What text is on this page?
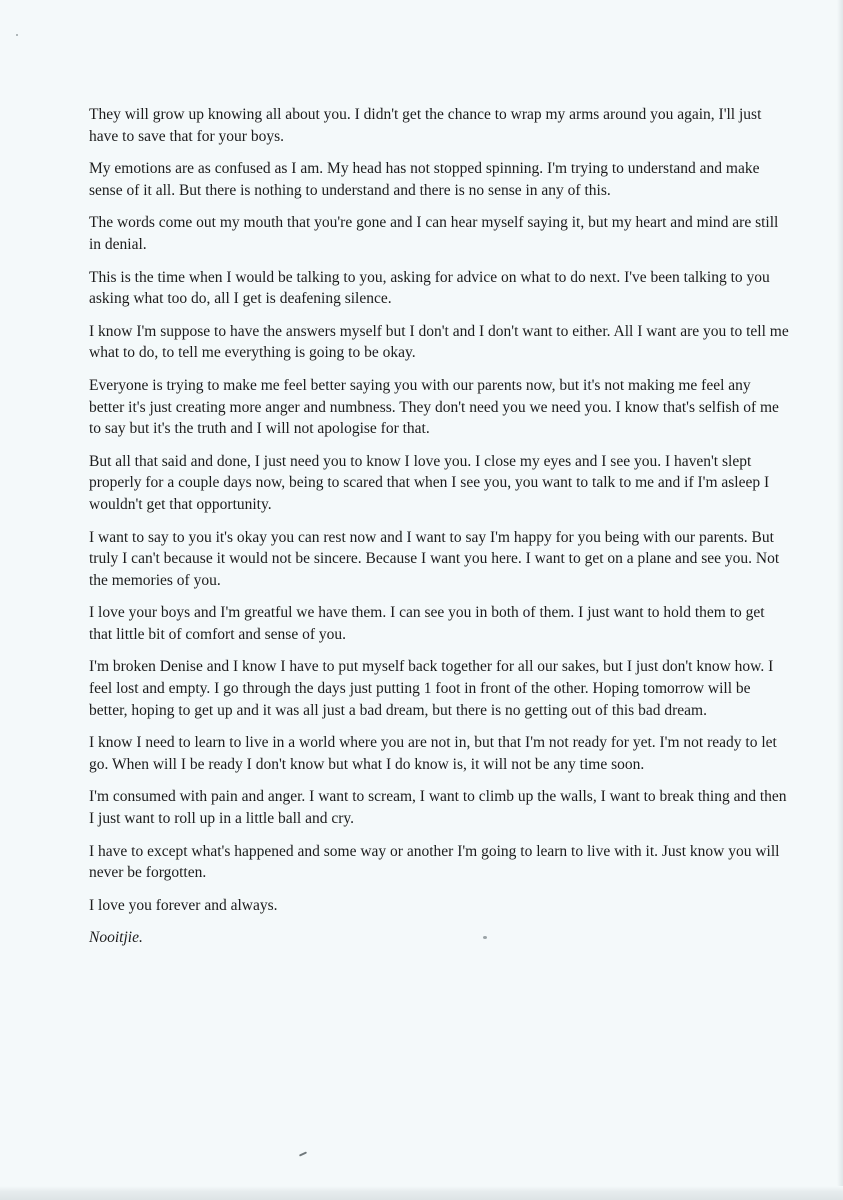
They will grow up knowing all about you. I didn't get the chance to wrap my arms around you again, I'll just have to save that for your boys.

My emotions are as confused as I am. My head has not stopped spinning. I'm trying to understand and make sense of it all. But there is nothing to understand and there is no sense in any of this.

The words come out my mouth that you're gone and I can hear myself saying it, but my heart and mind are still in denial.

This is the time when I would be talking to you, asking for advice on what to do next. I've been talking to you asking what too do, all I get is deafening silence.

I know I'm suppose to have the answers myself but I don't and I don't want to either. All I want are you to tell me what to do, to tell me everything is going to be okay.

Everyone is trying to make me feel better saying you with our parents now, but it's not making me feel any better it's just creating more anger and numbness. They don't need you we need you. I know that's selfish of me to say but it's the truth and I will not apologise for that.

But all that said and done, I just need you to know I love you. I close my eyes and I see you. I haven't slept properly for a couple days now, being to scared that when I see you, you want to talk to me and if I'm asleep I wouldn't get that opportunity.

I want to say to you it's okay you can rest now and I want to say I'm happy for you being with our parents. But truly I can't because it would not be sincere. Because I want you here. I want to get on a plane and see you. Not the memories of you.

I love your boys and I'm greatful we have them. I can see you in both of them. I just want to hold them to get that little bit of comfort and sense of you.

I'm broken Denise and I know I have to put myself back together for all our sakes, but I just don't know how. I feel lost and empty. I go through the days just putting 1 foot in front of the other. Hoping tomorrow will be better, hoping to get up and it was all just a bad dream, but there is no getting out of this bad dream.

I know I need to learn to live in a world where you are not in, but that I'm not ready for yet. I'm not ready to let go. When will I be ready I don't know but what I do know is, it will not be any time soon.

I'm consumed with pain and anger. I want to scream, I want to climb up the walls, I want to break thing and then I just want to roll up in a little ball and cry.

I have to except what's happened and some way or another I'm going to learn to live with it. Just know you will never be forgotten.

I love you forever and always.

Nooitjie.
